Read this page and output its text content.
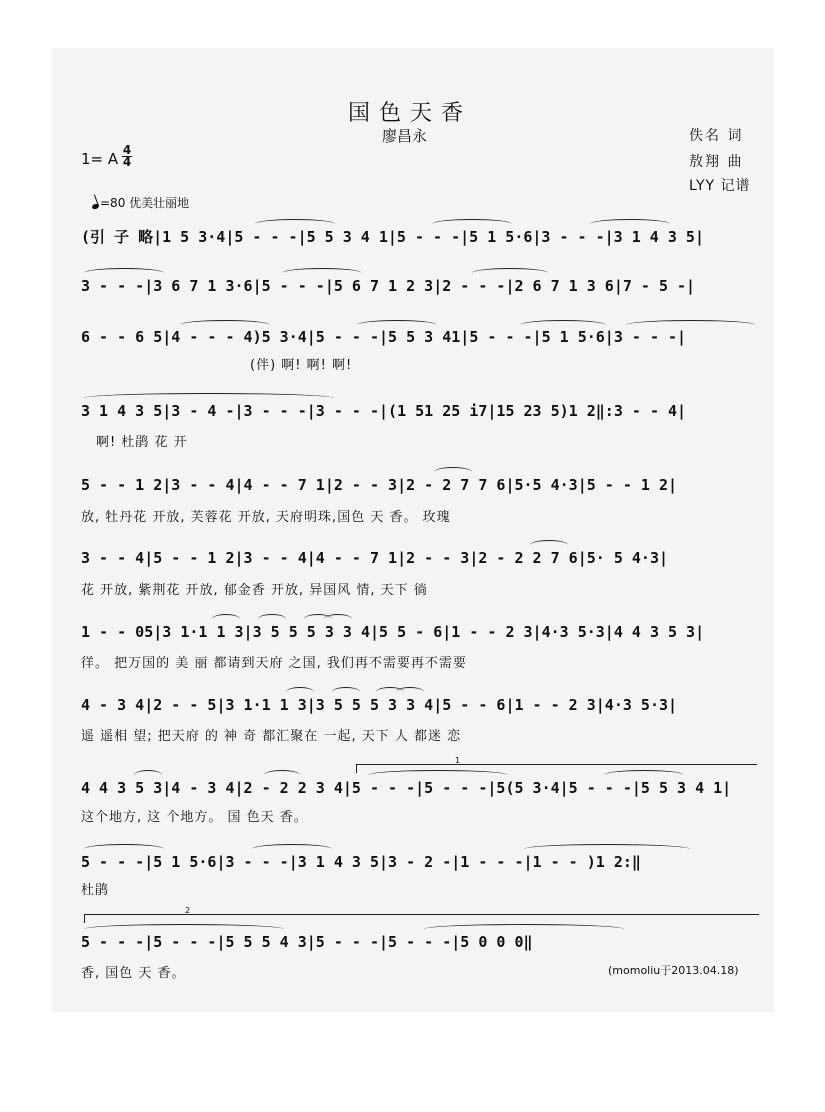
国色天香
廖昌永	佚名 词
敖翔 曲
LYY 记谱
1= A 4
4
=80 优美壮丽地
(引 子 略|1 5 3·4|5 - - -|5 5 3 4 1|5 - - -|5 1 5·6|3 - - -|3 1 4 3 5|
3 - - -|3 6 7 1 3·6|5 - - -|5 6 7 1 2 3|2 - - -|2 6 7 1 3 6|7 - 5 -|
6 - - 6 5|4 - - - 4)5 3·4|5 - - -|5 5 3 41|5 - - -|5 1 5·6|3 - - -|
(伴) 啊! 啊! 啊!
3 1 4 3 5|3 - 4 -|3 - - -|3 - - -|(1 51 25 i7|15 23 5)1 2‖:3 - - 4|
啊! 杜鹃 花 开
5 - - 1 2|3 - - 4|4 - - 7 1|2 - - 3|2 - 2 7 7 6|5·5 4·3|5 - - 1 2|
放, 牡丹花 开放, 芙蓉花 开放, 天府明珠,国色 天 香。 玫瑰
3 - - 4|5 - - 1 2|3 - - 4|4 - - 7 1|2 - - 3|2 - 2 2 7 6|5· 5 4·3|
花 开放, 紫荆花 开放, 郁金香 开放, 异国风 情, 天下 徜
1 - - 05|3 1·1 1 3|3 5 5 5 3 3 4|5 5 - 6|1 - - 2 3|4·3 5·3|4 4 3 5 3|
徉。 把万国的 美 丽 都请到天府 之国, 我们再不需要再不需要
4 - 3 4|2 - - 5|3 1·1 1 3|3 5 5 5 3 3 4|5 - - 6|1 - - 2 3|4·3 5·3|
遥 遥相 望; 把天府 的 神 奇 都汇聚在 一起, 天下 人 都迷 恋
1
4 4 3 5 3|4 - 3 4|2 - 2 2 3 4|5 - - -|5 - - -|5(5 3·4|5 - - -|5 5 3 4 1|
这个地方, 这 个地方。 国 色天 香。
5 - - -|5 1 5·6|3 - - -|3 1 4 3 5|3 - 2 -|1 - - -|1 - - )1 2:‖
杜鹃
2
5 - - -|5 - - -|5 5 5 4 3|5 - - -|5 - - -|5 0 0 0‖
香, 国色 天 香。	(momoliu于2013.04.18)
